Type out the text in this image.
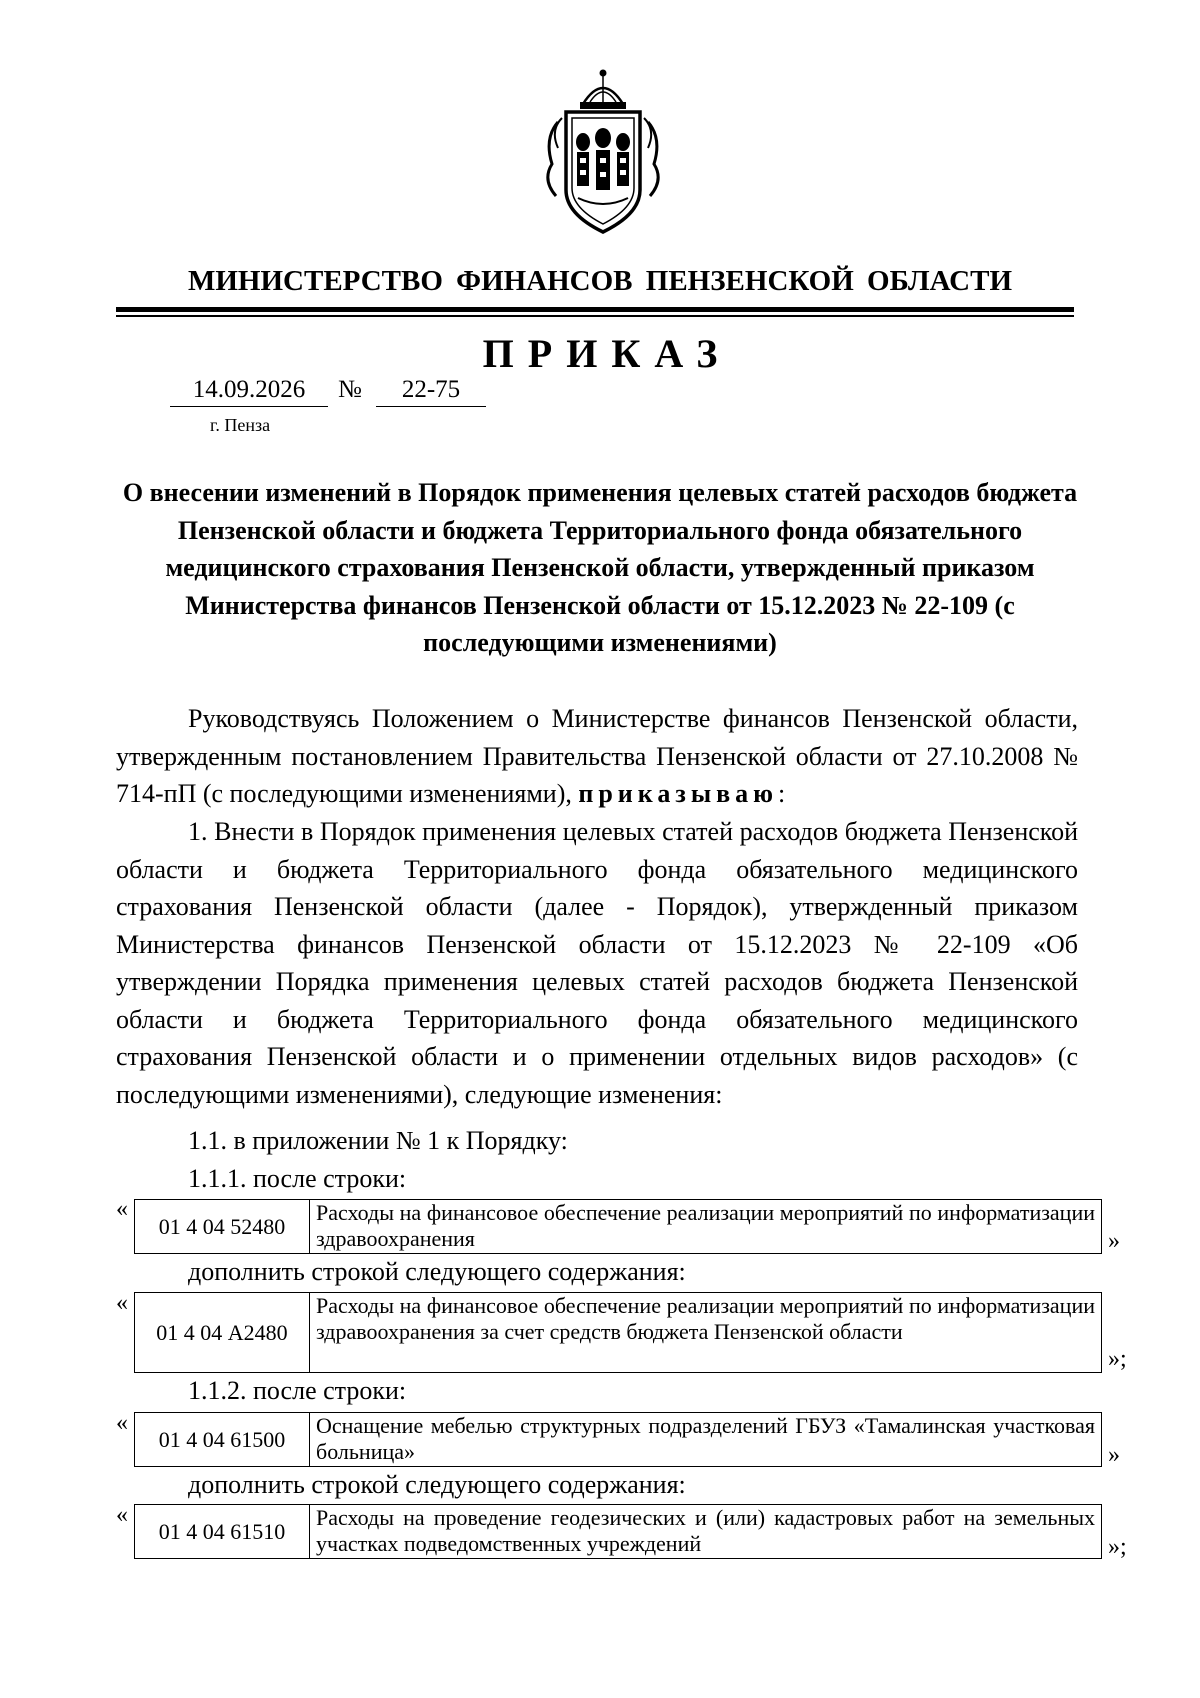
МИНИСТЕРСТВО ФИНАНСОВ ПЕНЗЕНСКОЙ ОБЛАСТИ
ПРИКАЗ
14.09.2026	№	22-75
г. Пенза
О внесении изменений в Порядок применения целевых статей расходов бюджета Пензенской области и бюджета Территориального фонда обязательного медицинского страхования Пензенской области, утвержденный приказом Министерства финансов Пензенской области от 15.12.2023 № 22-109 (с последующими изменениями)
Руководствуясь Положением о Министерстве финансов Пензенской области, утвержденным постановлением Правительства Пензенской области от 27.10.2008 № 714-пП (с последующими изменениями), приказываю:
1. Внести в Порядок применения целевых статей расходов бюджета Пензенской области и бюджета Территориального фонда обязательного медицинского страхования Пензенской области (далее - Порядок), утвержденный приказом Министерства финансов Пензенской области от 15.12.2023 № 22-109 «Об утверждении Порядка применения целевых статей расходов бюджета Пензенской области и бюджета Территориального фонда обязательного медицинского страхования Пензенской области и о применении отдельных видов расходов» (с последующими изменениями), следующие изменения:
1.1. в приложении № 1 к Порядку:
1.1.1. после строки:
«
01 4 04 52480	Расходы на финансовое обеспечение реализации мероприятий по информатизации здравоохранения	»
дополнить строкой следующего содержания:
«
01 4 04 А2480	Расходы на финансовое обеспечение реализации мероприятий по информатизации здравоохранения за счет средств бюджета Пензенской области
»;
1.1.2. после строки:
«
01 4 04 61500	Оснащение мебелью структурных подразделений ГБУЗ «Тамалинская участковая больница»	»
дополнить строкой следующего содержания:
«
01 4 04 61510	Расходы на проведение геодезических и (или) кадастровых работ на земельных участках подведомственных учреждений	»;
